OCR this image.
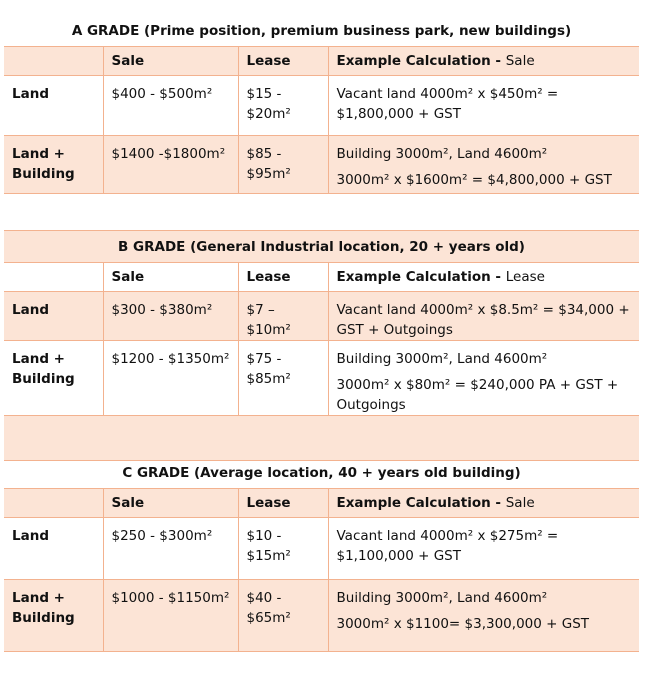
A GRADE (Prime position, premium business park, new buildings)			
	Sale	Lease	Example Calculation - Sale
Land	$400 - $500m²	$15 - $20m²	Vacant land 4000m² x $450m² = $1,800,000 + GST
Land + Building	$1400 -$1800m²	$85 - $95m²	Building 3000m², Land 4600m²
3000m² x $1600m² = $4,800,000 + GST
B GRADE (General Industrial location, 20 + years old)			
	Sale	Lease	Example Calculation - Lease
Land	$300 - $380m²	$7 – $10m²	Vacant land 4000m² x $8.5m² = $34,000 + GST + Outgoings
Land + Building	$1200 - $1350m²	$75 - $85m²	Building 3000m², Land 4600m²
3000m² x $80m² = $240,000 PA + GST + Outgoings

C GRADE (Average location, 40 + years old building)			
	Sale	Lease	Example Calculation - Sale
Land	$250 - $300m²	$10 - $15m²	Vacant land 4000m² x $275m² = $1,100,000 + GST
Land + Building	$1000 - $1150m²	$40 - $65m²	Building 3000m², Land 4600m²
3000m² x $1100= $3,300,000 + GST
